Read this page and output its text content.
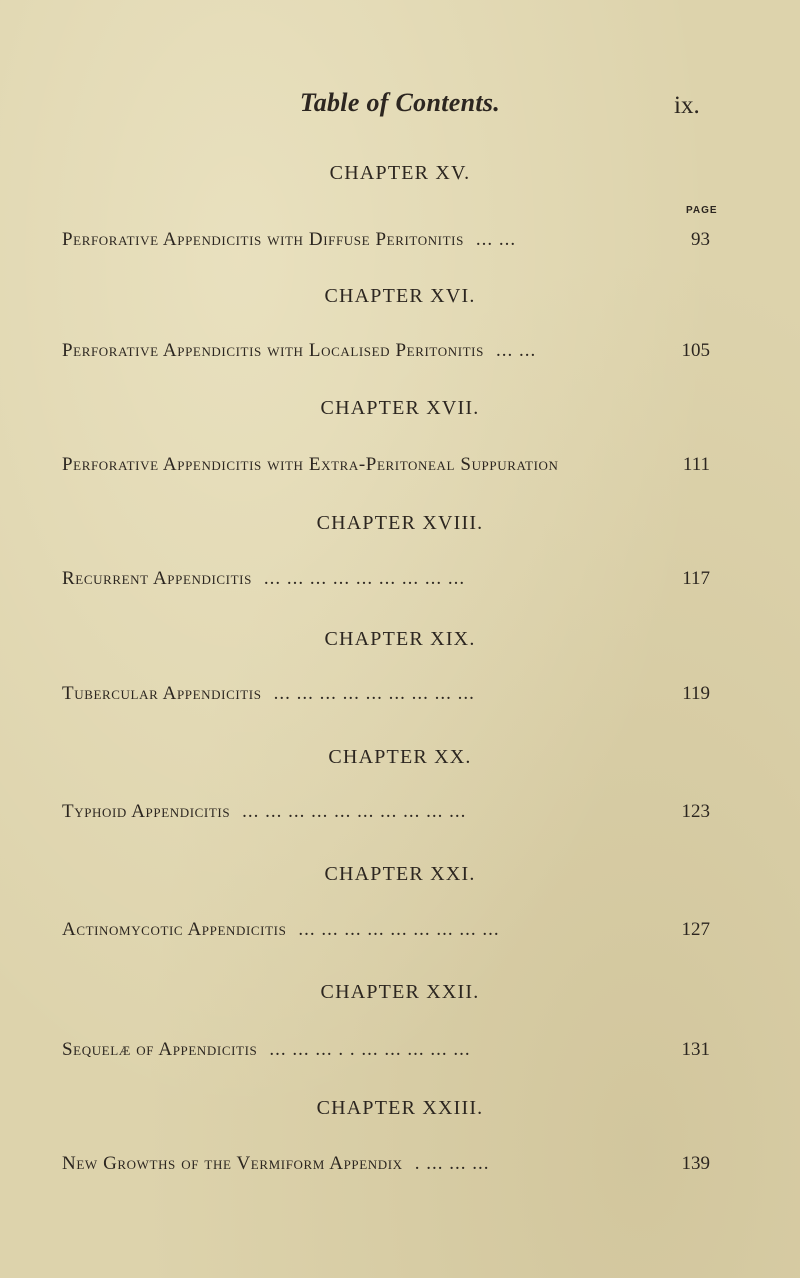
Table of Contents.	ix.
CHAPTER XV.
PAGE
Perforative Appendicitis with Diffuse Peritonitis ... ...	93
CHAPTER XVI.
Perforative Appendicitis with Localised Peritonitis ... ...	105
CHAPTER XVII.
Perforative Appendicitis with Extra-Peritoneal Suppuration	111
CHAPTER XVIII.
Recurrent Appendicitis ... ... ... ... ... ... ... ... ...	117
CHAPTER XIX.
Tubercular Appendicitis ... ... ... ... ... ... ... ... ...	119
CHAPTER XX.
Typhoid Appendicitis ... ... ... ... ... ... ... ... ... ...	123
CHAPTER XXI.
Actinomycotic Appendicitis ... ... ... ... ... ... ... ... ...	127
CHAPTER XXII.
Sequelæ of Appendicitis ... ... ... . . ... ... ... ... ...	131
CHAPTER XXIII.
New Growths of the Vermiform Appendix . ... ... ...	139
